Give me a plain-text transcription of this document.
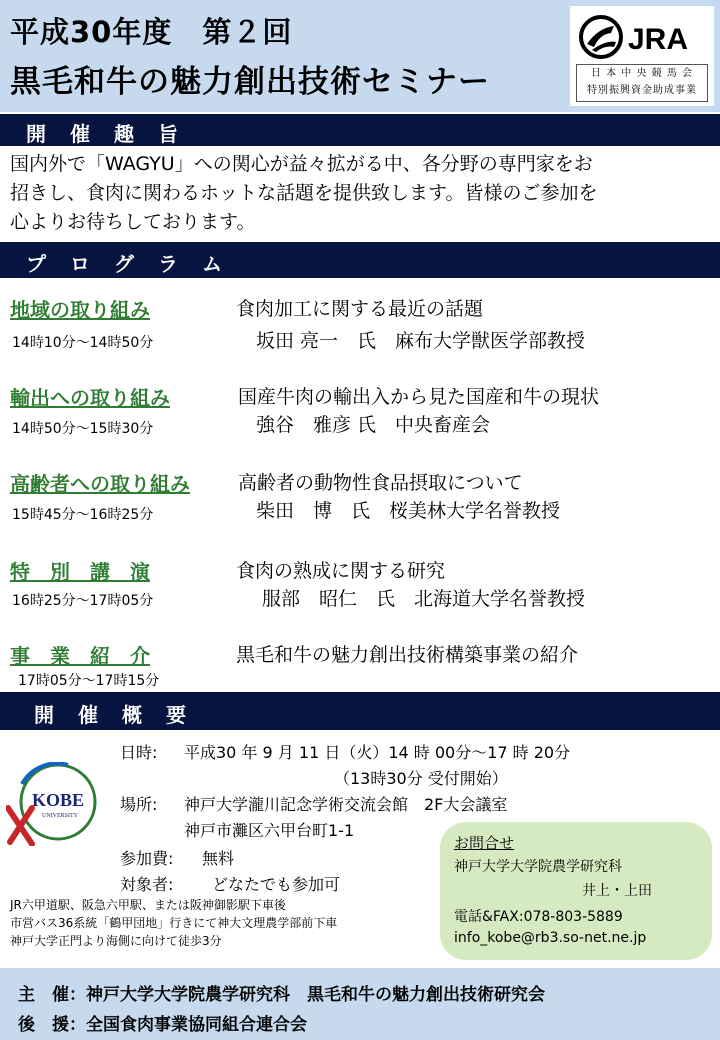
平成30年度　第２回
黒毛和牛の魅力創出技術セミナー
JRA
日 本 中 央 競 馬 会
特別振興資金助成事業
開　催　趣　旨
国内外で「WAGYU」への関心が益々拡がる中、各分野の専門家をお
招きし、食肉に関わるホットな話題を提供致します。皆様のご参加を
心よりお待ちしております。
プ　ロ　グ　ラ　ム
地域の取り組み
14時10分～14時50分
食肉加工に関する最近の話題
坂田 亮一　氏　麻布大学獣医学部教授
輸出への取り組み
14時50分～15時30分
国産牛肉の輸出入から見た国産和牛の現状
強谷　雅彦 氏　中央畜産会
高齢者への取り組み
15時45分～16時25分
高齢者の動物性食品摂取について
柴田　博　氏　桜美林大学名誉教授
特　別　講　演
16時25分～17時05分
食肉の熟成に関する研究
服部　昭仁　氏　北海道大学名誉教授
事　業　紹　介
17時05分～17時15分
黒毛和牛の魅力創出技術構築事業の紹介
開　催　概　要
KOBE
UNIVERSITY
日時: 平成30 年 9 月 11 日（火）14 時 00分～17 時 20分
（13時30分 受付開始）
場所: 神戸大学瀧川記念学術交流会館　2F大会議室
神戸市灘区六甲台町1-1
参加費: 無料
対象者: どなたでも参加可
JR六甲道駅、阪急六甲駅、または阪神御影駅下車後
市営バス36系統「鶴甲団地」行きにて神大文理農学部前下車
神戸大学正門より海側に向けて徒歩3分
お問合せ
神戸大学大学院農学研究科
井上・上田
電話&FAX:078-803-5889
info_kobe@rb3.so-net.ne.jp
主　催：神戸大学大学院農学研究科　黒毛和牛の魅力創出技術研究会
後　援：全国食肉事業協同組合連合会
